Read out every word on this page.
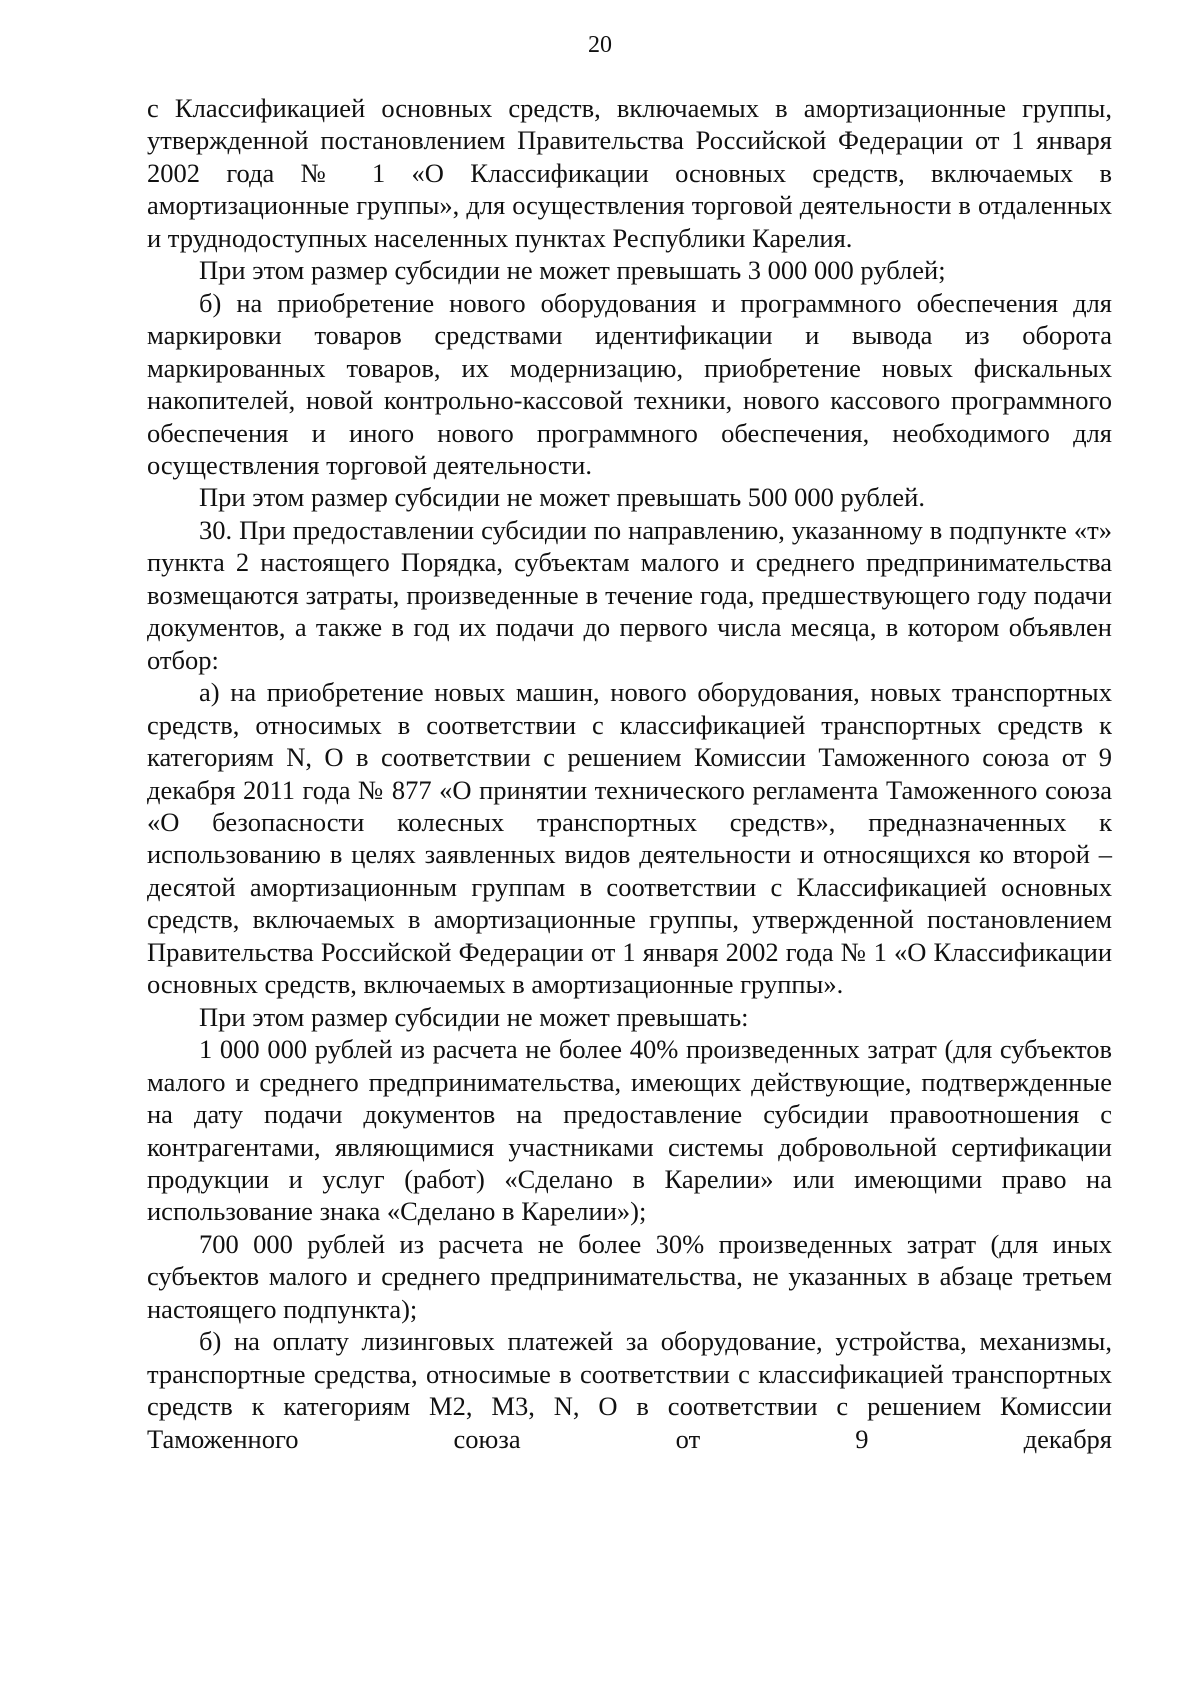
20

с Классификацией основных средств, включаемых в амортизационные группы, утвержденной постановлением Правительства Российской Федерации от 1 января 2002 года № 1 «О Классификации основных средств, включаемых в амортизационные группы», для осуществления торговой деятельности в отдаленных и труднодоступных населенных пунктах Республики Карелия.

При этом размер субсидии не может превышать 3 000 000 рублей;

б) на приобретение нового оборудования и программного обеспечения для маркировки товаров средствами идентификации и вывода из оборота маркированных товаров, их модернизацию, приобретение новых фискальных накопителей, новой контрольно-кассовой техники, нового кассового программного обеспечения и иного нового программного обеспечения, необходимого для осуществления торговой деятельности.

При этом размер субсидии не может превышать 500 000 рублей.

30. При предоставлении субсидии по направлению, указанному в подпункте «т» пункта 2 настоящего Порядка, субъектам малого и среднего предпринимательства возмещаются затраты, произведенные в течение года, предшествующего году подачи документов, а также в год их подачи до первого числа месяца, в котором объявлен отбор:

а) на приобретение новых машин, нового оборудования, новых транспортных средств, относимых в соответствии с классификацией транспортных средств к категориям N, O в соответствии с решением Комиссии Таможенного союза от 9 декабря 2011 года № 877 «О принятии технического регламента Таможенного союза «О безопасности колесных транспортных средств», предназначенных к использованию в целях заявленных видов деятельности и относящихся ко второй – десятой амортизационным группам в соответствии с Классификацией основных средств, включаемых в амортизационные группы, утвержденной постановлением Правительства Российской Федерации от 1 января 2002 года № 1 «О Классификации основных средств, включаемых в амортизационные группы».

При этом размер субсидии не может превышать:

1 000 000 рублей из расчета не более 40% произведенных затрат (для субъектов малого и среднего предпринимательства, имеющих действующие, подтвержденные на дату подачи документов на предоставление субсидии правоотношения с контрагентами, являющимися участниками системы добровольной сертификации продукции и услуг (работ) «Сделано в Карелии» или имеющими право на использование знака «Сделано в Карелии»);

700 000 рублей из расчета не более 30% произведенных затрат (для иных субъектов малого и среднего предпринимательства, не указанных в абзаце третьем настоящего подпункта);

б) на оплату лизинговых платежей за оборудование, устройства, механизмы, транспортные средства, относимые в соответствии с классификацией транспортных средств к категориям M2, M3, N, O в соответствии с решением Комиссии Таможенного союза от 9 декабря
